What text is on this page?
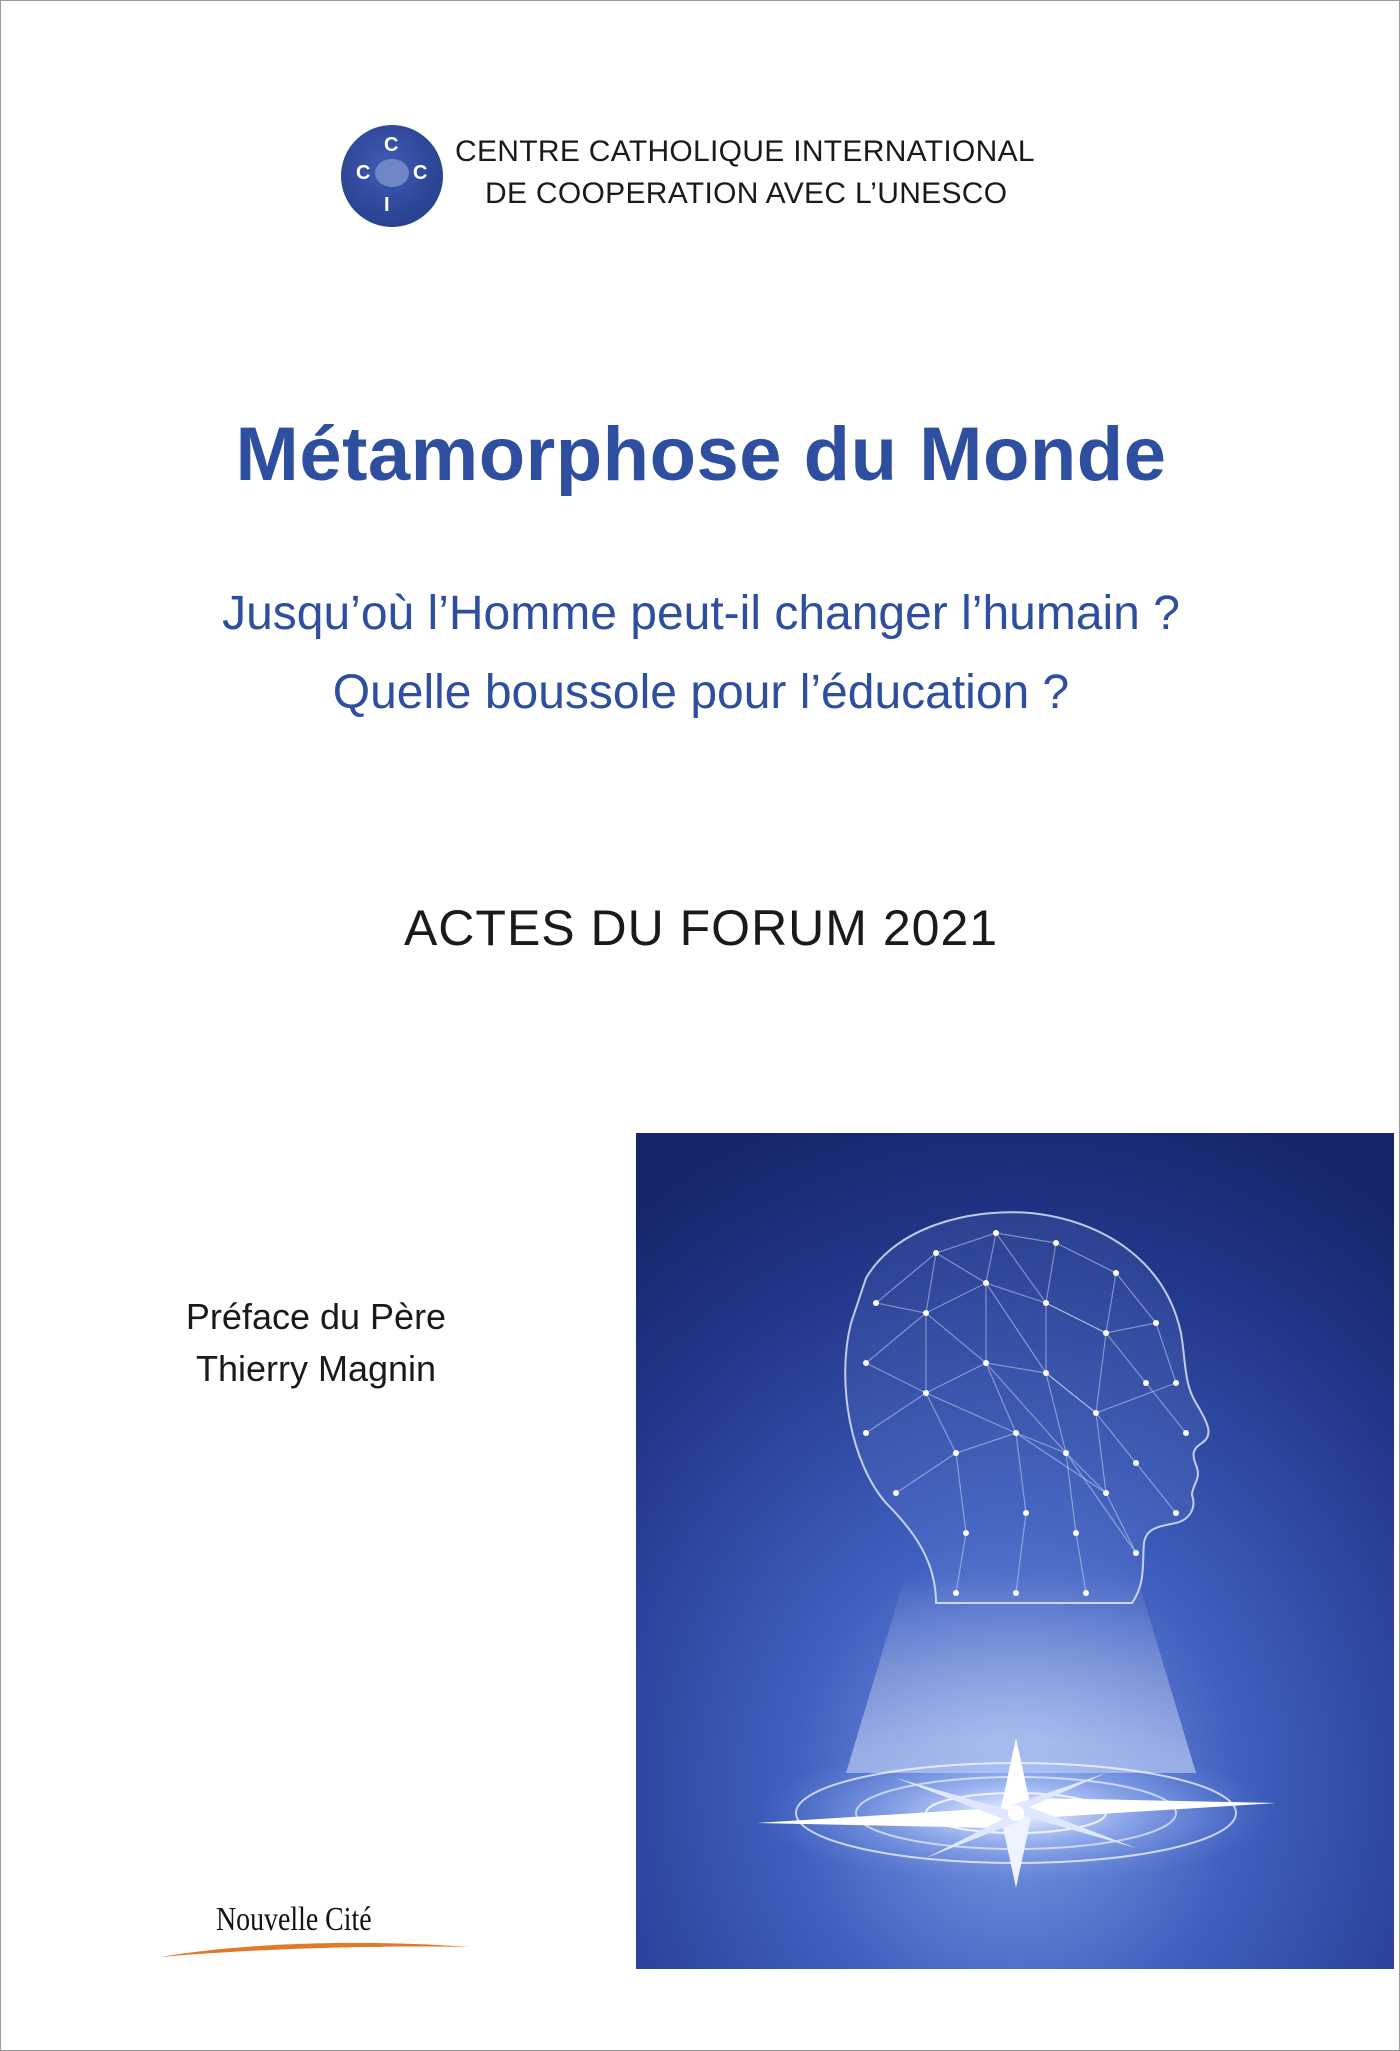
C
C C
I
CENTRE CATHOLIQUE INTERNATIONAL
DE COOPERATION AVEC L’UNESCO
Métamorphose du Monde
Jusqu’où l’Homme peut-il changer l’humain ?
Quelle boussole pour l’éducation ?
ACTES DU FORUM 2021
Préface du Père
Thierry Magnin
Nouvelle Cité
